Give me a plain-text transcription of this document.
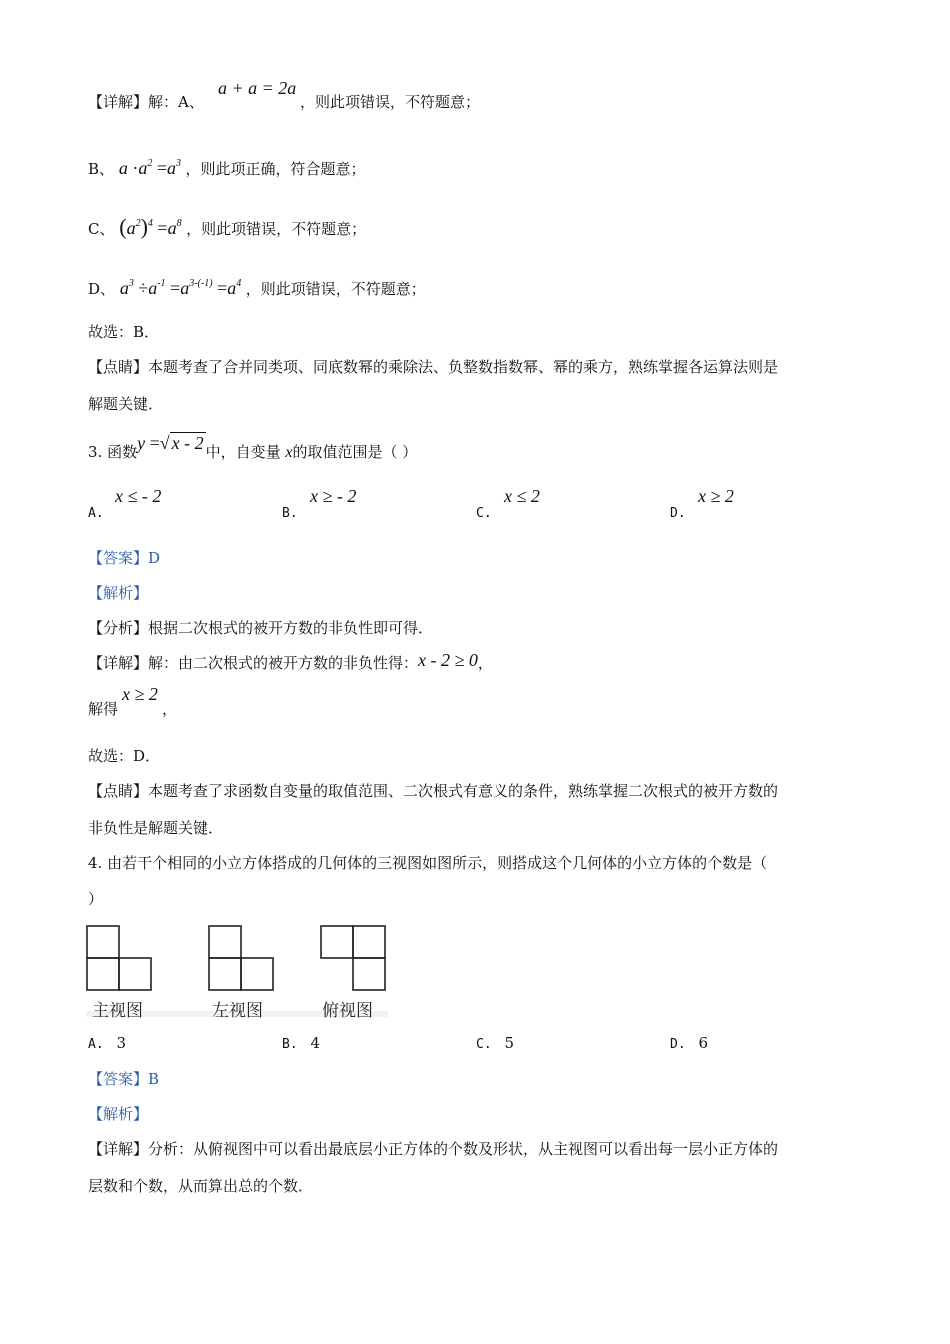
【详解】解：A、
a + a = 2a
，则此项错误，不符题意；
B、 $a \cdot a^2 =a^3$ ，则此项正确，符合题意；
C、 $(a^2)^4 =a^8$ ，则此项错误，不符题意；
D、 $a^3 \div a^{-1} =a^{3-(-1)} =a^4$ ，则此项错误，不符题意；
故选：B．
【点睛】本题考查了合并同类项、同底数幂的乘除法、负整数指数幂、幂的乘方，熟练掌握各运算法则是
解题关键．
3. 函数y =√ x - 2 中，自变量 x的取值范围是（ ）
A.
x ≤ - 2
B.
x ≥ - 2
C.
x ≤ 2
D.
x ≥ 2
【答案】D
【解析】
【分析】根据二次根式的被开方数的非负性即可得．
【详解】解：由二次根式的被开方数的非负性得：x - 2 ≥ 0，
解得
x ≥ 2
，
故选：D．
【点睛】本题考查了求函数自变量的取值范围、二次根式有意义的条件，熟练掌握二次根式的被开方数的
非负性是解题关键．
4. 由若干个相同的小立方体搭成的几何体的三视图如图所示，则搭成这个几何体的小立方体的个数是（
）
主视图	左视图	俯视图
A. 3	B. 4	C. 5	D. 6
【答案】B
【解析】
【详解】分析：从俯视图中可以看出最底层小正方体的个数及形状，从主视图可以看出每一层小正方体的
层数和个数，从而算出总的个数．
